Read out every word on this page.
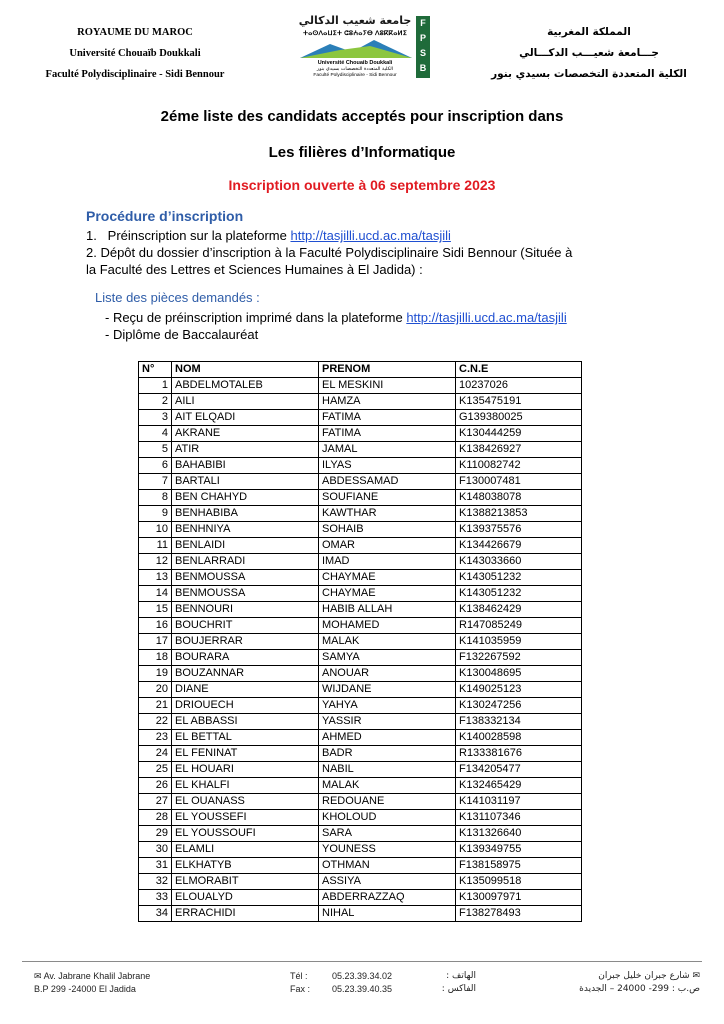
ROYAUME DU MAROC
Université Chouaïb Doukkali
Faculté Polydisciplinaire - Sidi Bennour
جامعة شعيب الدكالي
ⵜⴰⵙⴷⴰⵡⵉⵜ ⵛⵓⵄⴰⵢⴱ ⴷⵓⴽⴽⴰⵍⵉ
Université Chouaib Doukkali
الكلية المتعددة التخصصات بسيدي بنور
Faculté Polydisciplinaire - Sidi Bennour
F
P
S
B
المملكة المغربية
جـــامعة شعيـــب الدكـــالي
الكلية المتعددة التخصصات بسيدي بنور
2éme liste des candidats acceptés pour inscription dans
Les filières d’Informatique
Inscription ouverte à 06 septembre 2023
Procédure d’inscription
1.   Préinscription sur la plateforme http://tasjilli.ucd.ac.ma/tasjili
2. Dépôt du dossier d’inscription à la Faculté Polydisciplinaire Sidi Bennour (Située à
la Faculté des Lettres et Sciences Humaines à El Jadida) :
Liste des pièces demandés :
- Reçu de préinscription imprimé dans la plateforme http://tasjilli.ucd.ac.ma/tasjili
- Diplôme de Baccalauréat
N°	NOM	PRENOM	C.N.E
1	ABDELMOTALEB	EL MESKINI	10237026
2	AILI	HAMZA	K135475191
3	AIT ELQADI	FATIMA	G139380025
4	AKRANE	FATIMA	K130444259
5	ATIR	JAMAL	K138426927
6	BAHABIBI	ILYAS	K110082742
7	BARTALI	ABDESSAMAD	F130007481
8	BEN CHAHYD	SOUFIANE	K148038078
9	BENHABIBA	KAWTHAR	K1388213853
10	BENHNIYA	SOHAIB	K139375576
11	BENLAIDI	OMAR	K134426679
12	BENLARRADI	IMAD	K143033660
13	BENMOUSSA	CHAYMAE	K143051232
14	BENMOUSSA	CHAYMAE	K143051232
15	BENNOURI	HABIB ALLAH	K138462429
16	BOUCHRIT	MOHAMED	R147085249
17	BOUJERRAR	MALAK	K141035959
18	BOURARA	SAMYA	F132267592
19	BOUZANNAR	ANOUAR	K130048695
20	DIANE	WIJDANE	K149025123
21	DRIOUECH	YAHYA	K130247256
22	EL ABBASSI	YASSIR	F138332134
23	EL BETTAL	AHMED	K140028598
24	EL FENINAT	BADR	R133381676
25	EL HOUARI	NABIL	F134205477
26	EL KHALFI	MALAK	K132465429
27	EL OUANASS	REDOUANE	K141031197
28	EL YOUSSEFI	KHOLOUD	K131107346
29	EL YOUSSOUFI	SARA	K131326640
30	ELAMLI	YOUNESS	K139349755
31	ELKHATYB	OTHMAN	F138158975
32	ELMORABIT	ASSIYA	K135099518
33	ELOUALYD	ABDERRAZZAQ	K130097971
34	ERRACHIDI	NIHAL	F138278493
✉ Av. Jabrane Khalil Jabrane
B.P 299 -24000 El Jadida
Tél :	05.23.39.34.02
Fax : 05.23.39.40.35
الهاتف :
الفاكس :
✉ شارع جبران خليل جبران
ص.ب : 299- 24000 – الجديدة
